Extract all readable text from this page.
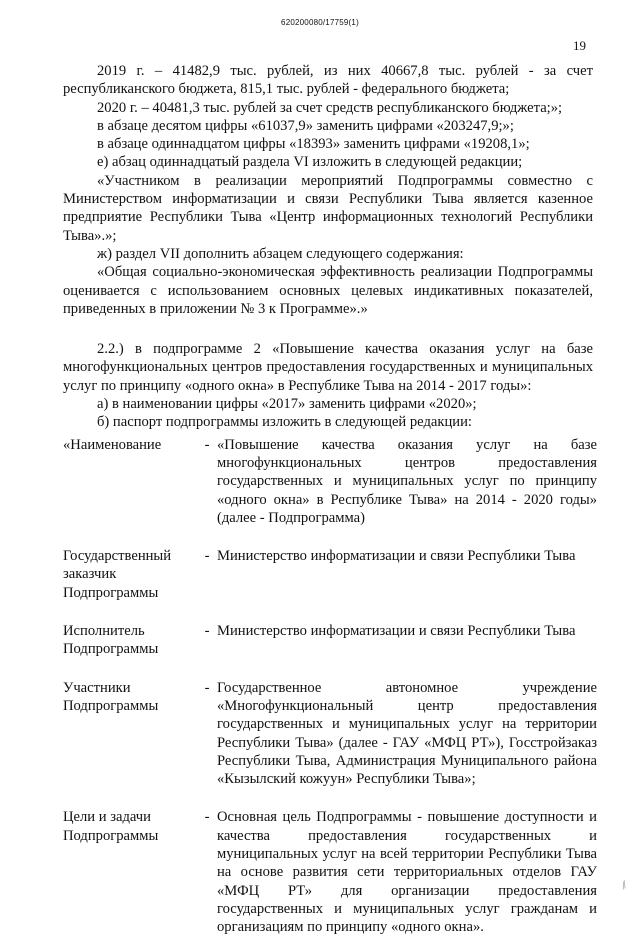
620200080/17759(1)
19

2019 г. – 41482,9 тыс. рублей, из них 40667,8 тыс. рублей - за счет республиканского бюджета, 815,1 тыс. рублей - федерального бюджета;

2020 г. – 40481,3 тыс. рублей за счет средств республиканского бюджета;»;

в абзаце десятом цифры «61037,9» заменить цифрами «203247,9;»;

в абзаце одиннадцатом цифры «18393» заменить цифрами «19208,1»;

е) абзац одиннадцатый раздела VI изложить в следующей редакции;

«Участником в реализации мероприятий Подпрограммы совместно с Министерством информатизации и связи Республики Тыва является казенное предприятие Республики Тыва «Центр информационных технологий Республики Тыва».»;

ж) раздел VII дополнить абзацем следующего содержания:

«Общая социально-экономическая эффективность реализации Подпрограммы оценивается с использованием основных целевых индикативных показателей, приведенных в приложении № 3 к Программе».»

2.2.) в подпрограмме 2 «Повышение качества оказания услуг на базе многофункциональных центров предоставления государственных и муниципальных услуг по принципу «одного окна» в Республике Тыва на 2014 - 2017 годы»:

а) в наименовании цифры «2017» заменить цифрами «2020»;

б) паспорт подпрограммы изложить в следующей редакции:

«Наименование	-	«Повышение качества оказания услуг на базе многофункциональных центров предоставления государственных и муниципальных услуг по принципу «одного окна» в Республике Тыва» на 2014 - 2020 годы» (далее - Подпрограмма)

Государственный заказчик Подпрограммы	-	Министерство информатизации и связи Республики Тыва

Исполнитель Подпрограммы	-	Министерство информатизации и связи Республики Тыва

Участники Подпрограммы	-	Государственное автономное учреждение «Многофункциональный центр предоставления государственных и муниципальных услуг на территории Республики Тыва» (далее - ГАУ «МФЦ РТ»), Госстройзаказ Республики Тыва, Администрация Муниципального района «Кызылский кожуун» Республики Тыва»;

Цели и задачи Подпрограммы	-	Основная цель Подпрограммы - повышение доступности и качества предоставления государственных и муниципальных услуг на всей территории Республики Тыва на основе развития сети территориальных отделов ГАУ «МФЦ РТ» для организации предоставления государственных и муниципальных услуг гражданам и организациям по принципу «одного окна».
⁄⁄
